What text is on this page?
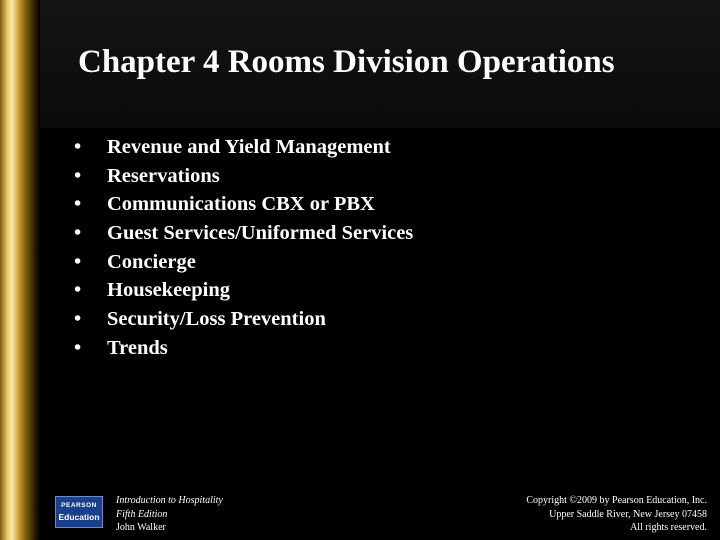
Chapter 4 Rooms Division Operations
•	Revenue and Yield Management
•	Reservations
•	Communications CBX or PBX
•	Guest Services/Uniformed Services
•	Concierge
•	Housekeeping
•	Security/Loss Prevention
•	Trends
PEARSON
Education
Introduction to Hospitality
Fifth Edition
John Walker
Copyright ©2009 by Pearson Education, Inc.
Upper Saddle River, New Jersey 07458
All rights reserved.
